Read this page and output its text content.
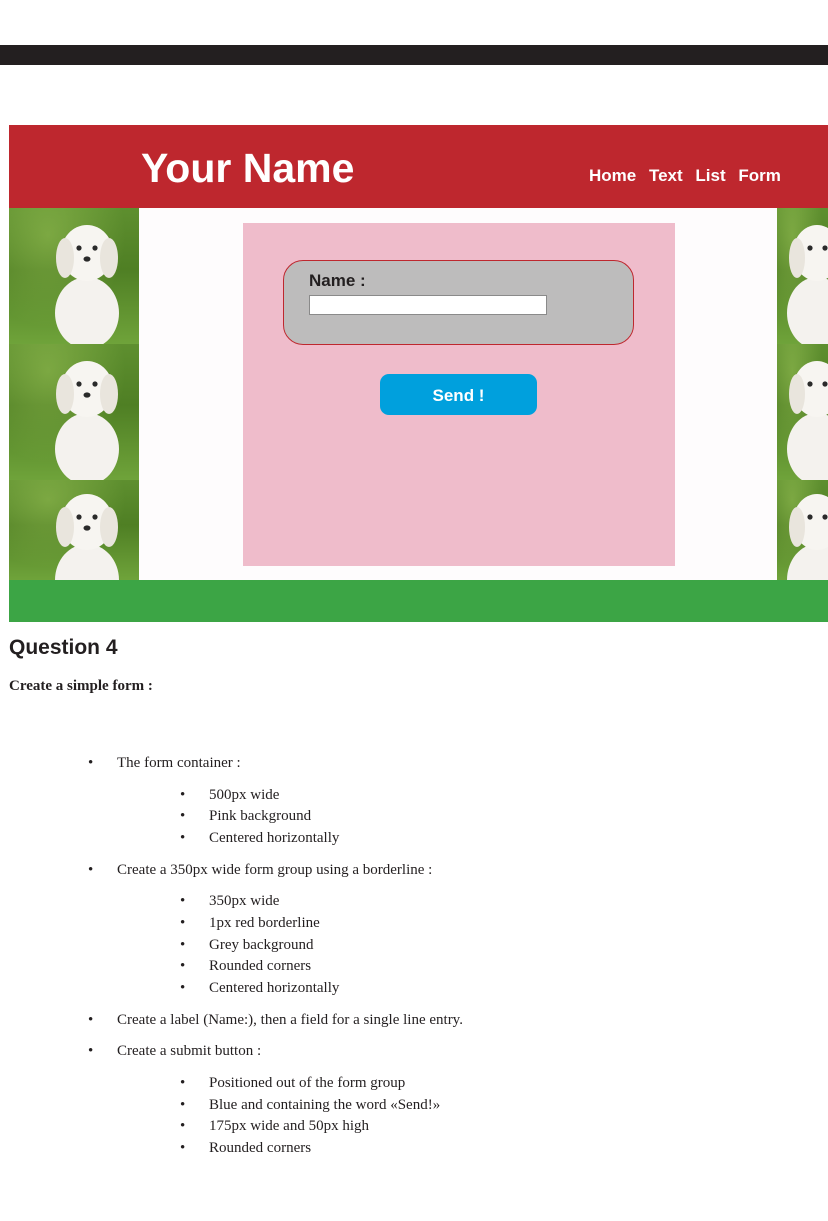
Your Name	Home Text List Form
Name :
Send !
Question 4
Create a simple form :
• The form container :
• 500px wide
• Pink background
• Centered horizontally
• Create a 350px wide form group using a borderline :
• 350px wide
• 1px red borderline
• Grey background
• Rounded corners
• Centered horizontally
• Create a label (Name:), then a field for a single line entry.
• Create a submit button :
• Positioned out of the form group
• Blue and containing the word «Send!»
• 175px wide and 50px high
• Rounded corners
